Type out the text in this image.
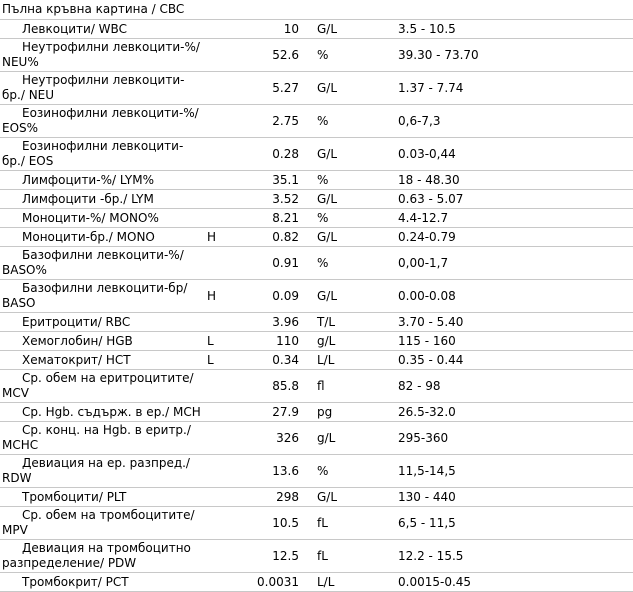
Пълна кръвна картина / CBC
Левкоцити/ WBC		10	G/L	3.5 - 10.5
Неутрофилни левкоцити-%/ NEU%		52.6	%	39.30 - 73.70
Неутрофилни левкоцити-бр./ NEU		5.27	G/L	1.37 - 7.74
Еозинофилни левкоцити-%/ EOS%		2.75	%	0,6-7,3
Еозинофилни левкоцити-бр./ EOS		0.28	G/L	0.03-0,44
Лимфоцити-%/ LYM%		35.1	%	18 - 48.30
Лимфоцити -бр./ LYM		3.52	G/L	0.63 - 5.07
Моноцити-%/ MONO%		8.21	%	4.4-12.7
Моноцити-бр./ MONO	H	0.82	G/L	0.24-0.79
Базофилни левкоцити-%/ BASO%		0.91	%	0,00-1,7
Базофилни левкоцити-бр/ BASO	H	0.09	G/L	0.00-0.08
Еритроцити/ RBC		3.96	T/L	3.70 - 5.40
Хемоглобин/ HGB	L	110	g/L	115 - 160
Хематокрит/ HCT	L	0.34	L/L	0.35 - 0.44
Ср. обем на еритроцитите/ MCV		85.8	fl	82 - 98
Ср. Hgb. съдърж. в ер./ MCH		27.9	pg	26.5-32.0
Ср. конц. на Hgb. в еритр./ MCHC		326	g/L	295-360
Девиация на ер. разпред./ RDW		13.6	%	11,5-14,5
Тромбоцити/ PLT		298	G/L	130 - 440
Ср. обем на тромбоцитите/ MPV		10.5	fL	6,5 - 11,5
Девиация на тромбоцитно разпределение/ PDW		12.5	fL	12.2 - 15.5
Тромбокрит/ PCT		0.0031	L/L	0.0015-0.45
